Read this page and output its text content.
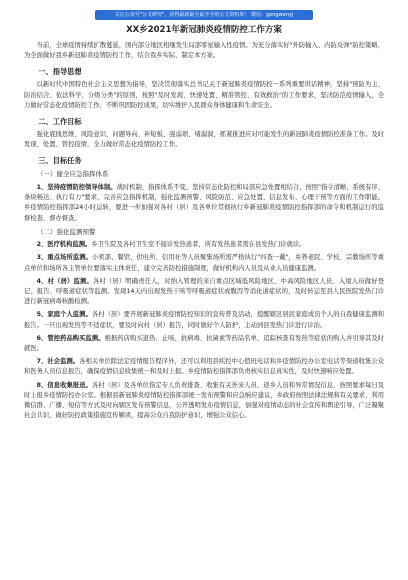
关注公众号"公文研究"，获得最新最全最齐全的公文资料库！ 微信：gongwenyj
XX乡2021年新冠肺炎疫情防控工作方案

当前，全球疫情持续扩散蔓延，国内部分地区相继发生局部零星输入性疫情。为充分落实好"外防输入、内防反弹"防控策略，为全面做好我乡新冠肺炎疫情防控工作，结合我乡实际，制定本方案。

一、指导思想

以新时代中国特色社会主义思想为指导，坚决贯彻落实总书记关于新冠肺炎疫情防控一系列重要讲话精神，坚持"预防为主、防治结合、依法科学、分级分类"的原则，按照"及时发现、快速处置、精准管控、有效救治"的工作要求，坚决防范疫情输入，全力做好常态化疫情防控工作，不断巩固防控成果，切实维护人民群众身体健康和生命安全。

二、工作目标

强化底线思维、风险意识，问题导向、补短板、强弱项、堵漏洞，抓紧推进应对可能发生的新冠肺炎疫情防控准备工作。及时发现、处置、管控疫情，全力做好常态化疫情防控工作。

三、目标任务
（一）健全应急指挥体系

1、坚持疫情防控领导体制。战时机制、指挥体系不变，坚持常态化防控和局部应急处置相结合，按照"指令清晰、系统有序、条块畅达、执行有力"要求，完善应急指挥机制，强化监测预警、风险防范、应急处置、信息发布、心理干预等方面的工作职能。乡疫情防控指挥部24小时运转，要进一步加强对各村（居）及各单位贯彻执行乡新冠肺炎疫情防控指挥部的命令和机制运行的监督检查、督办督查。

（二）强化监测预警

2、医疗机构监测。乡卫生院及各村卫生室不接诊发热患者，所有发热患者需在县发热门诊就诊。

3、重点场所监测。小卖部、餐馆、供电所、信用社等人员聚集场所需严格执行"四查一戴"，乡养老院、学校、宗教场所等重点单位和场所各主管单位要落实主体责任，建立完善防控措施制度，做好机构内人员及从业人员健康监测。

4、村（居）监测。各村（居）明确责任人，对纳入管理的来自重点区域低风险地区、中高风险地区人员、入境人员做好登记、报告、呼吸道症状等监测。发现14天内出现发热干咳等呼吸道症状或腹泻等消化道症状的，及时转运至县人民医院发热门诊进行新冠病毒核酸检测。

5、家庭个人监测。各村（居）要开展新冠肺炎疫情防控知识的宣传普及活动，提醒辖区居民家庭成员个人的自我健康监测和报告。一旦出现发热等不适症状，要及时向村（居）报告，同时做好个人防护，主动到县发热门诊进行诊治。

6、管控药品购买监测。根据药店购买退热、止咳、抗病毒、抗菌素等药品名单，追踪核查有发热等症状的购人并引导其及时就医。

7、社会监测。各相关单位除法定疫情报告程序外，还可以利用县疾控中心值班电话和乡疫情防控办公室电话等渠道收集公众和医务人员信息报告，确保疫情信息收集统一和及时上报。乡疫情防控指挥部负责核实信息真实性，及时快速响应处置。

8、信息收集报送。各村（居）及各单位指定专人负责排查、收集有关外来人员、返乡人员和异常情况信息，按照要求每日及时上报乡疫情防控办公室。根据县新冠肺炎疫情防控指挥部统一发布预警和应急响应建议，乡政府按照法律法规和有关要求，利用微信群、广播、短信等方式及时向辖区发布预警信息，公开透明发布疫情信息，加强对疫情动态的社会宣传和舆论引导，广泛凝聚社会共识，做好防控政策措施宣传解读，提高公众自我防护意识，增强公众信心。
